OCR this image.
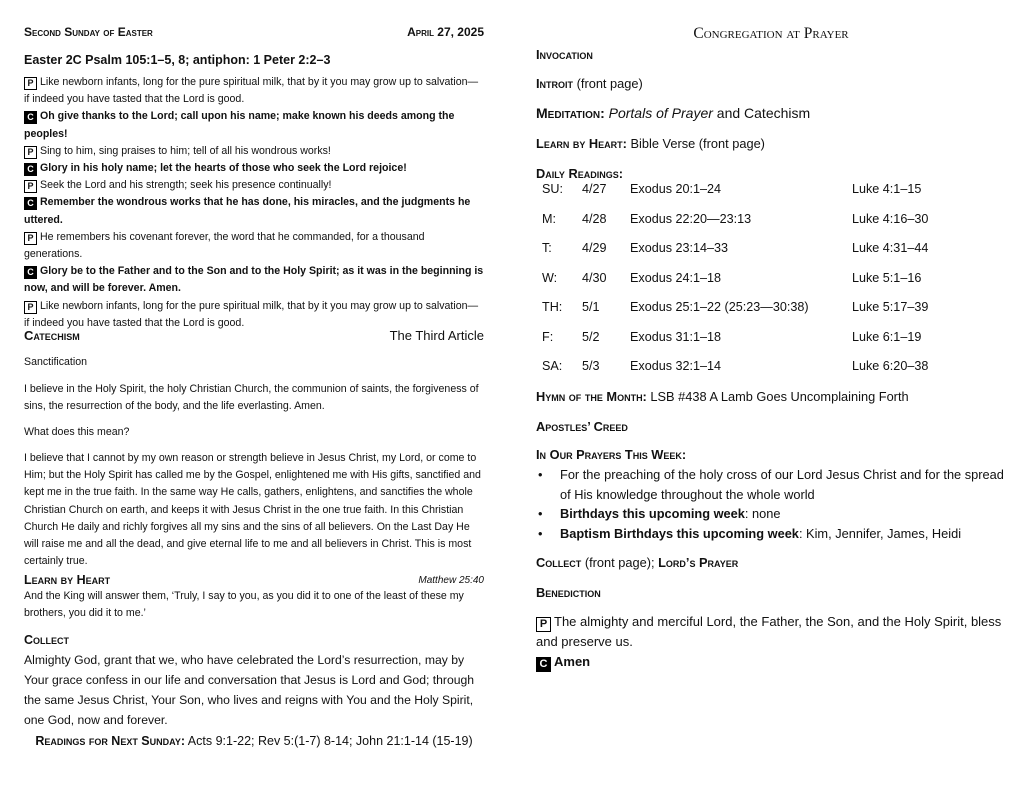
Second Sunday of Easter	April 27, 2025
Easter 2C Psalm 105:1–5, 8; antiphon: 1 Peter 2:2–3

P Like newborn infants, long for the pure spiritual milk, that by it you may grow up to salvation— if indeed you have tasted that the Lord is good.

C Oh give thanks to the Lord; call upon his name; make known his deeds among the peoples!

P Sing to him, sing praises to him; tell of all his wondrous works!

C Glory in his holy name; let the hearts of those who seek the Lord rejoice!

P Seek the Lord and his strength; seek his presence continually!

C Remember the wondrous works that he has done, his miracles, and the judgments he uttered.

P He remembers his covenant forever, the word that he commanded, for a thousand generations.

C Glory be to the Father and to the Son and to the Holy Spirit; as it was in the beginning is now, and will be forever. Amen.

P Like newborn infants, long for the pure spiritual milk, that by it you may grow up to salvation— if indeed you have tasted that the Lord is good.

Catechism	The Third Article
Sanctification
I believe in the Holy Spirit, the holy Christian Church, the communion of saints, the forgiveness of sins, the resurrection of the body, and the life everlasting. Amen.
What does this mean?
I believe that I cannot by my own reason or strength believe in Jesus Christ, my Lord, or come to Him; but the Holy Spirit has called me by the Gospel, enlightened me with His gifts, sanctified and kept me in the true faith. In the same way He calls, gathers, enlightens, and sanctifies the whole Christian Church on earth, and keeps it with Jesus Christ in the one true faith. In this Christian Church He daily and richly forgives all my sins and the sins of all believers. On the Last Day He will raise me and all the dead, and give eternal life to me and all believers in Christ. This is most certainly true.
Learn by Heart	Matthew 25:40
And the King will answer them, ‘Truly, I say to you, as you did it to one of the least of these my brothers, you did it to me.’
Collect
Almighty God, grant that we, who have celebrated the Lord’s resurrection, may by Your grace confess in our life and conversation that Jesus is Lord and God; through the same Jesus Christ, Your Son, who lives and reigns with You and the Holy Spirit, one God, now and forever.
Readings for Next Sunday: Acts 9:1-22; Rev 5:(1-7) 8-14; John 21:1-14 (15-19)
Congregation at Prayer
Invocation
Introit (front page)
Meditation: Portals of Prayer and Catechism
Learn by Heart: Bible Verse (front page)
Daily Readings:
SU:	4/27	Exodus 20:1–24	Luke 4:1–15
M:	4/28	Exodus 22:20—23:13	Luke 4:16–30
T:	4/29	Exodus 23:14–33	Luke 4:31–44
W:	4/30	Exodus 24:1–18	Luke 5:1–16
TH:	5/1	Exodus 25:1–22 (25:23—30:38)	Luke 5:17–39
F:	5/2	Exodus 31:1–18	Luke 6:1–19
SA:	5/3	Exodus 32:1–14	Luke 6:20–38
Hymn of the Month: LSB #438 A Lamb Goes Uncomplaining Forth
Apostles’ Creed
In Our Prayers This Week:
• For the preaching of the holy cross of our Lord Jesus Christ and for the spread of His knowledge throughout the whole world
• Birthdays this upcoming week: none
• Baptism Birthdays this upcoming week: Kim, Jennifer, James, Heidi
Collect (front page); Lord’s Prayer
Benediction
P The almighty and merciful Lord, the Father, the Son, and the Holy Spirit, bless and preserve us.
C Amen
